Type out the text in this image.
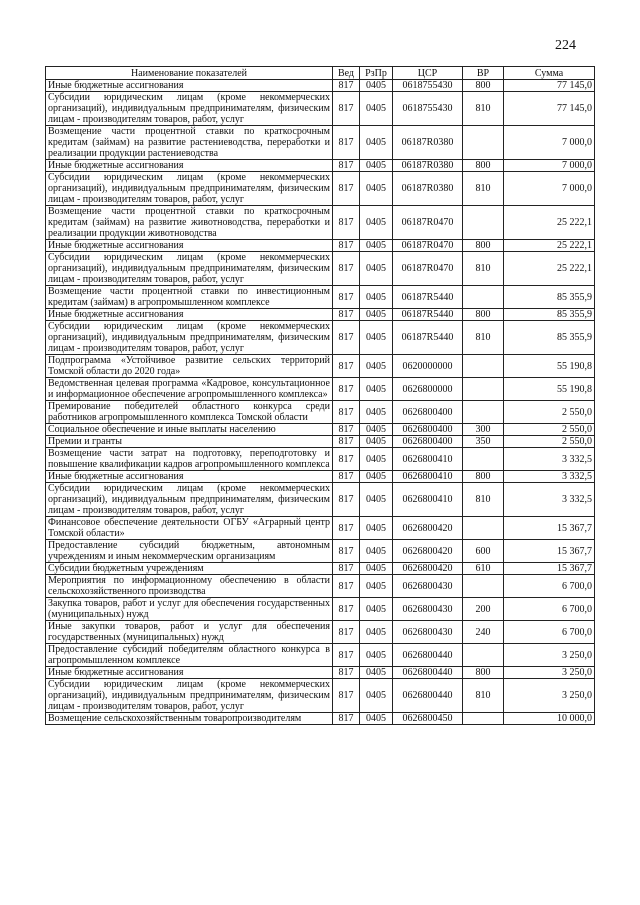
224
Наименование показателей	Вед	РзПр	ЦСР	ВР	Сумма
Иные бюджетные ассигнования	817	0405	0618755430	800	77 145,0
Субсидии юридическим лицам (кроме некоммерческих организаций), индивидуальным предпринимателям, физическим лицам - производителям товаров, работ, услуг	817	0405	0618755430	810	77 145,0
Возмещение части процентной ставки по краткосрочным кредитам (займам) на развитие растениеводства, переработки и реализации продукции растениеводства	817	0405	06187R0380		7 000,0
Иные бюджетные ассигнования	817	0405	06187R0380	800	7 000,0
Субсидии юридическим лицам (кроме некоммерческих организаций), индивидуальным предпринимателям, физическим лицам - производителям товаров, работ, услуг	817	0405	06187R0380	810	7 000,0
Возмещение части процентной ставки по краткосрочным кредитам (займам) на развитие животноводства, переработки и реализации продукции животноводства	817	0405	06187R0470		25 222,1
Иные бюджетные ассигнования	817	0405	06187R0470	800	25 222,1
Субсидии юридическим лицам (кроме некоммерческих организаций), индивидуальным предпринимателям, физическим лицам - производителям товаров, работ, услуг	817	0405	06187R0470	810	25 222,1
Возмещение части процентной ставки по инвестиционным кредитам (займам) в агропромышленном комплексе	817	0405	06187R5440		85 355,9
Иные бюджетные ассигнования	817	0405	06187R5440	800	85 355,9
Субсидии юридическим лицам (кроме некоммерческих организаций), индивидуальным предпринимателям, физическим лицам - производителям товаров, работ, услуг	817	0405	06187R5440	810	85 355,9
Подпрограмма «Устойчивое развитие сельских территорий Томской области до 2020 года»	817	0405	0620000000		55 190,8
Ведомственная целевая программа «Кадровое, консультационное и информационное обеспечение агропромышленного комплекса»	817	0405	0626800000		55 190,8
Премирование победителей областного конкурса среди работников агропромышленного комплекса Томской области	817	0405	0626800400		2 550,0
Социальное обеспечение и иные выплаты населению	817	0405	0626800400	300	2 550,0
Премии и гранты	817	0405	0626800400	350	2 550,0
Возмещение части затрат на подготовку, переподготовку и повышение квалификации кадров агропромышленного комплекса	817	0405	0626800410		3 332,5
Иные бюджетные ассигнования	817	0405	0626800410	800	3 332,5
Субсидии юридическим лицам (кроме некоммерческих организаций), индивидуальным предпринимателям, физическим лицам - производителям товаров, работ, услуг	817	0405	0626800410	810	3 332,5
Финансовое обеспечение деятельности ОГБУ «Аграрный центр Томской области»	817	0405	0626800420		15 367,7
Предоставление субсидий бюджетным, автономным учреждениям и иным некоммерческим организациям	817	0405	0626800420	600	15 367,7
Субсидии бюджетным учреждениям	817	0405	0626800420	610	15 367,7
Мероприятия по информационному обеспечению в области сельскохозяйственного производства	817	0405	0626800430		6 700,0
Закупка товаров, работ и услуг для обеспечения государственных (муниципальных) нужд	817	0405	0626800430	200	6 700,0
Иные закупки товаров, работ и услуг для обеспечения государственных (муниципальных) нужд	817	0405	0626800430	240	6 700,0
Предоставление субсидий победителям областного конкурса в агропромышленном комплексе	817	0405	0626800440		3 250,0
Иные бюджетные ассигнования	817	0405	0626800440	800	3 250,0
Субсидии юридическим лицам (кроме некоммерческих организаций), индивидуальным предпринимателям, физическим лицам - производителям товаров, работ, услуг	817	0405	0626800440	810	3 250,0
Возмещение сельскохозяйственным товаропроизводителям	817	0405	0626800450		10 000,0
